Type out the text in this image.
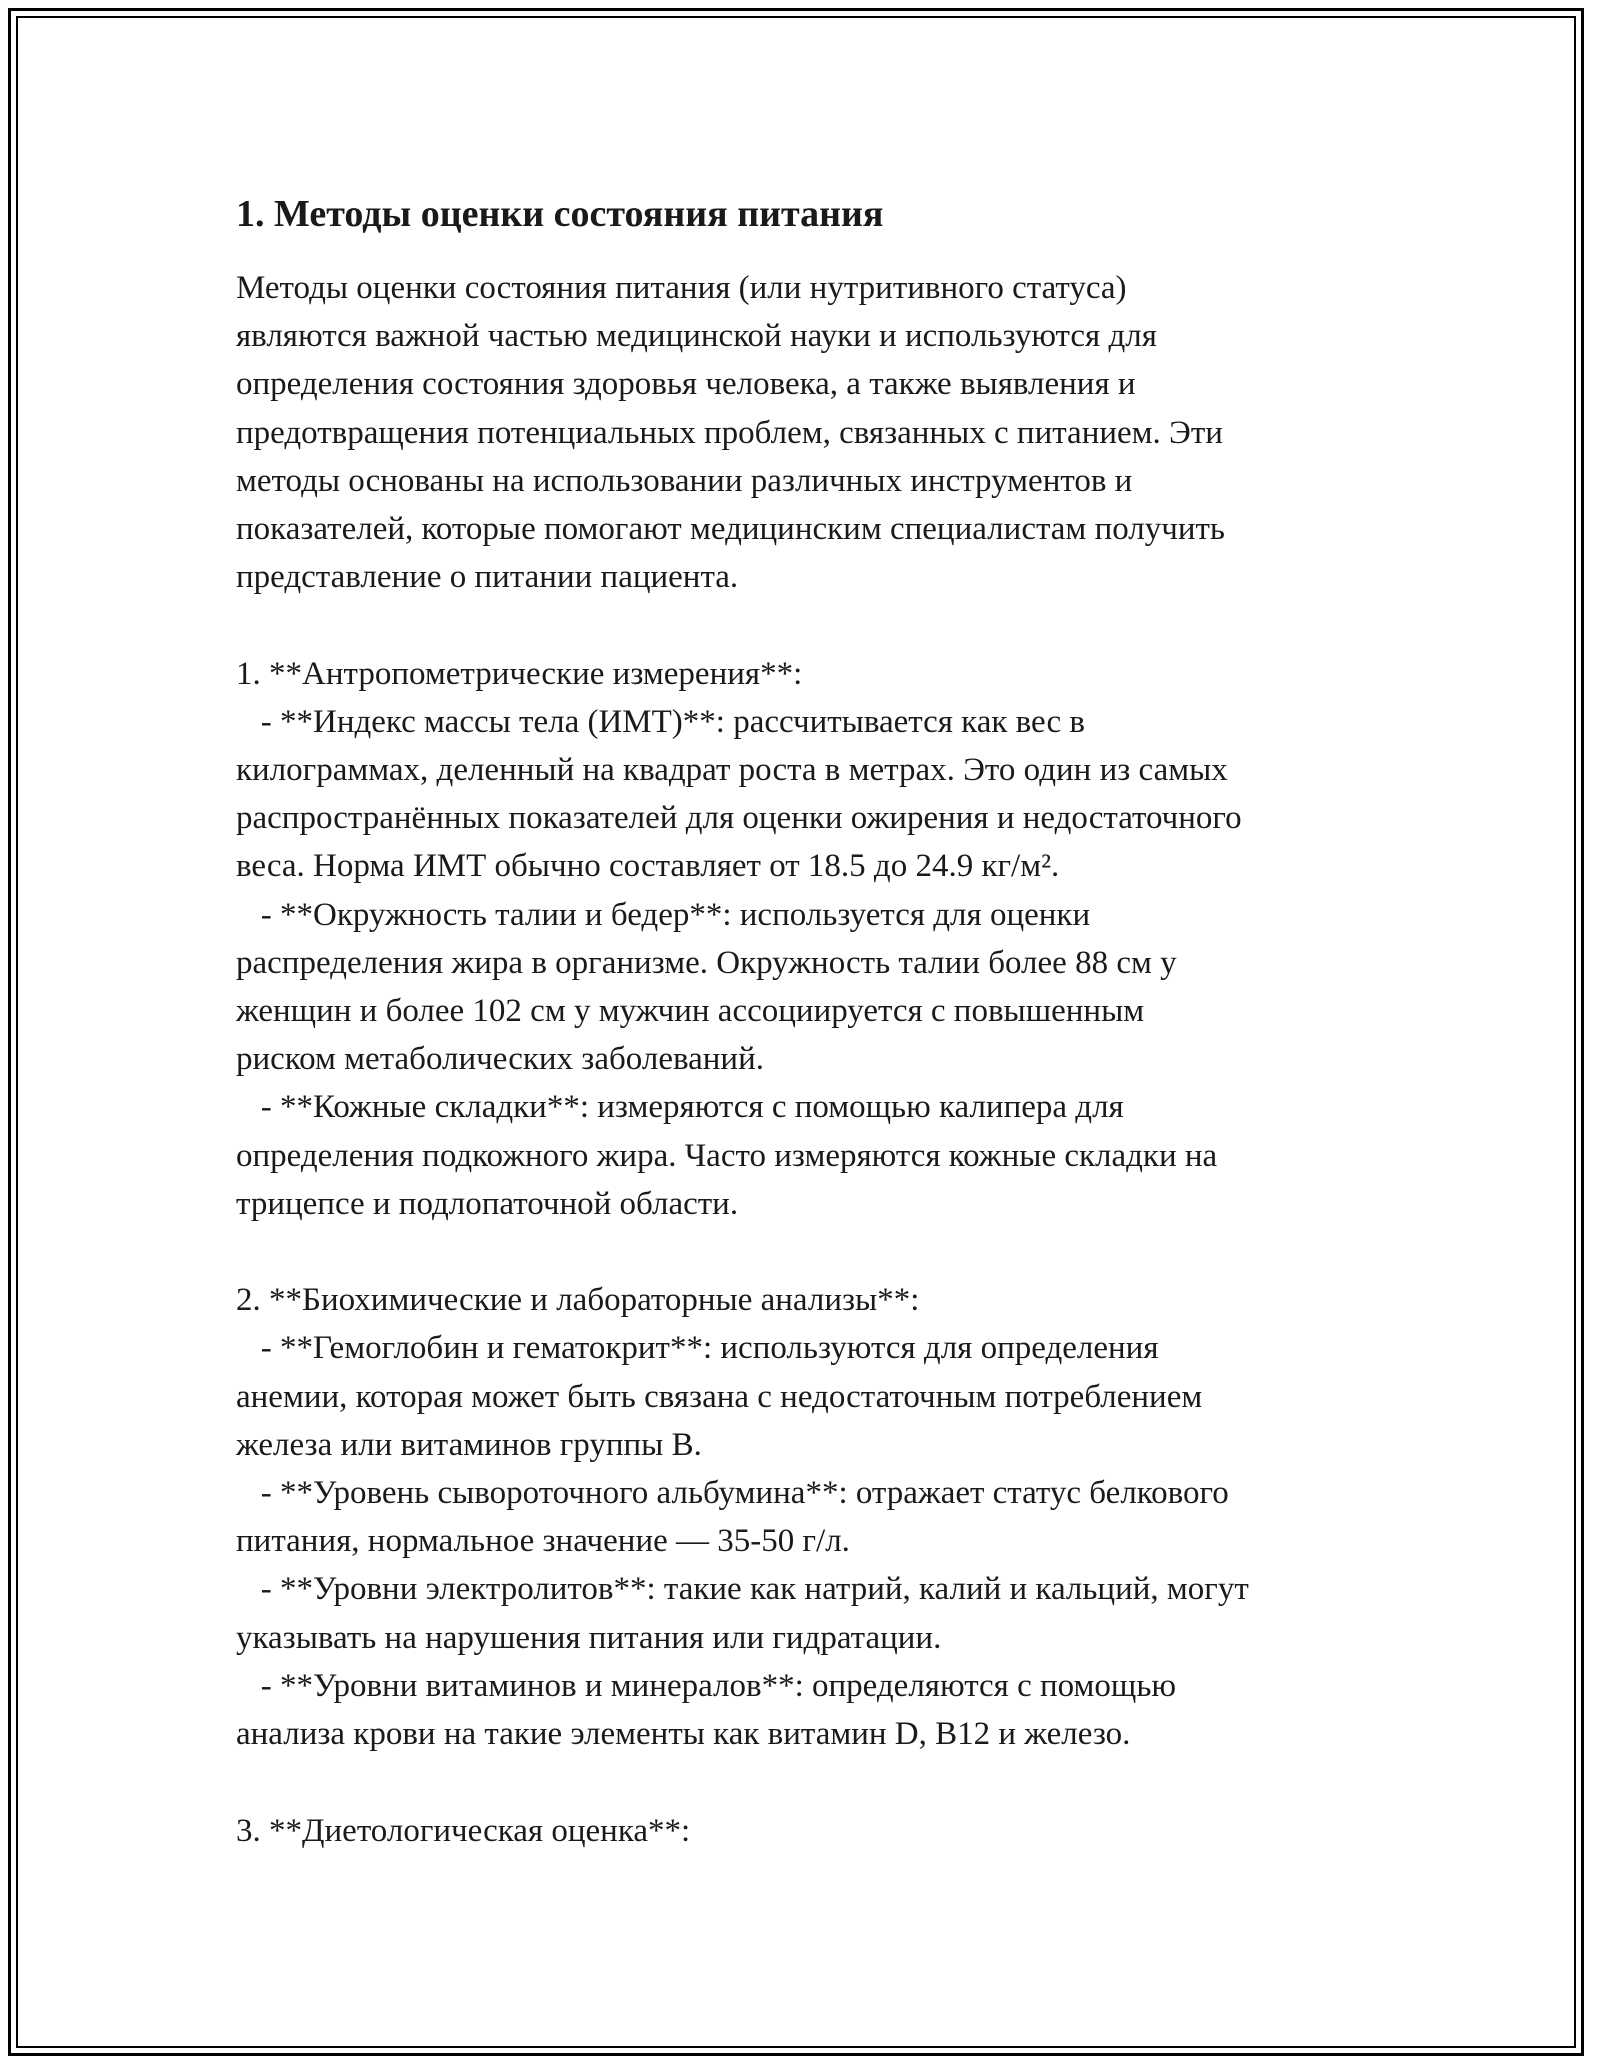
1. Методы оценки состояния питания
Методы оценки состояния питания (или нутритивного статуса)
являются важной частью медицинской науки и используются для
определения состояния здоровья человека, а также выявления и
предотвращения потенциальных проблем, связанных с питанием. Эти
методы основаны на использовании различных инструментов и
показателей, которые помогают медицинским специалистам получить
представление о питании пациента.

1. **Антропометрические измерения**:
- **Индекс массы тела (ИМТ)**: рассчитывается как вес в
килограммах, деленный на квадрат роста в метрах. Это один из самых
распространённых показателей для оценки ожирения и недостаточного
веса. Норма ИМТ обычно составляет от 18.5 до 24.9 кг/м².
- **Окружность талии и бедер**: используется для оценки
распределения жира в организме. Окружность талии более 88 см у
женщин и более 102 см у мужчин ассоциируется с повышенным
риском метаболических заболеваний.
- **Кожные складки**: измеряются с помощью калипера для
определения подкожного жира. Часто измеряются кожные складки на
трицепсе и подлопаточной области.

2. **Биохимические и лабораторные анализы**:
- **Гемоглобин и гематокрит**: используются для определения
анемии, которая может быть связана с недостаточным потреблением
железа или витаминов группы B.
- **Уровень сывороточного альбумина**: отражает статус белкового
питания, нормальное значение — 35-50 г/л.
- **Уровни электролитов**: такие как натрий, калий и кальций, могут
указывать на нарушения питания или гидратации.
- **Уровни витаминов и минералов**: определяются с помощью
анализа крови на такие элементы как витамин D, B12 и железо.

3. **Диетологическая оценка**:
